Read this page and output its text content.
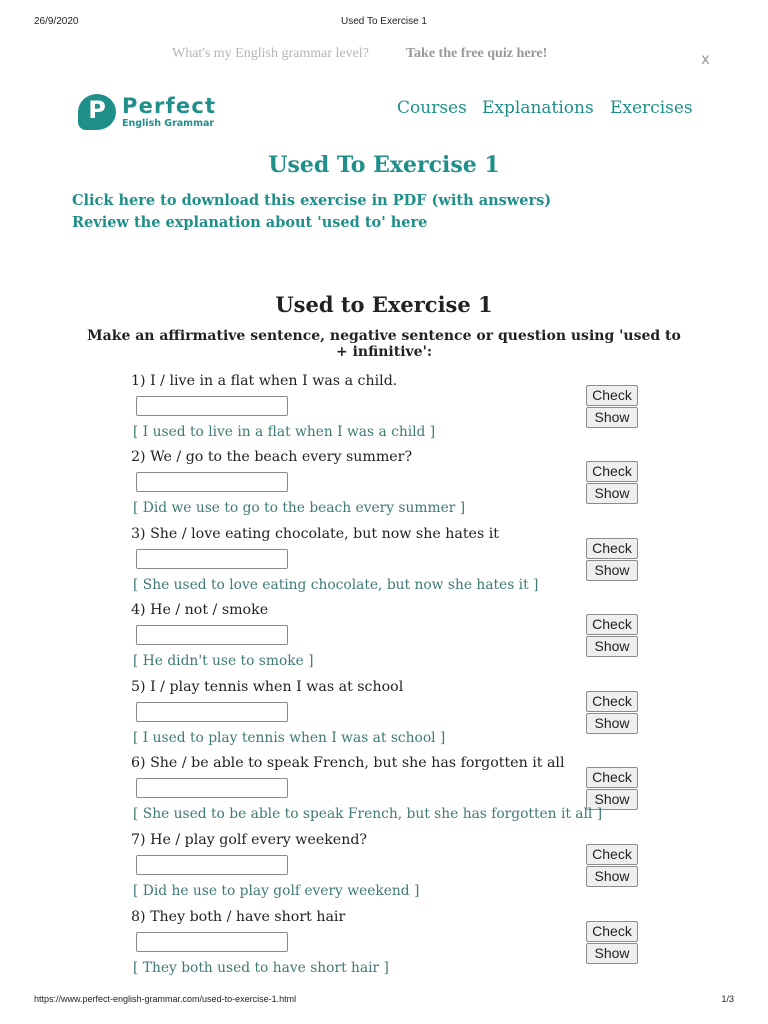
26/9/2020	Used To Exercise 1
What's my English grammar level?	Take the free quiz here!	x
P Perfect
English Grammar
Courses Explanations Exercises
Used To Exercise 1
Click here to download this exercise in PDF (with answers)
Review the explanation about 'used to' here
Used to Exercise 1
Make an affirmative sentence, negative sentence or question using 'used to + infinitive':
1) I / live in a flat when I was a child.
Check
Show
[ I used to live in a flat when I was a child ]
2) We / go to the beach every summer?
Check
Show
[ Did we use to go to the beach every summer ]
3) She / love eating chocolate, but now she hates it
Check
Show
[ She used to love eating chocolate, but now she hates it ]
4) He / not / smoke
Check
Show
[ He didn't use to smoke ]
5) I / play tennis when I was at school
Check
Show
[ I used to play tennis when I was at school ]
6) She / be able to speak French, but she has forgotten it all
Check
Show
[ She used to be able to speak French, but she has forgotten it all ]
7) He / play golf every weekend?
Check
Show
[ Did he use to play golf every weekend ]
8) They both / have short hair
Check
Show
[ They both used to have short hair ]
https://www.perfect-english-grammar.com/used-to-exercise-1.html	1/3
